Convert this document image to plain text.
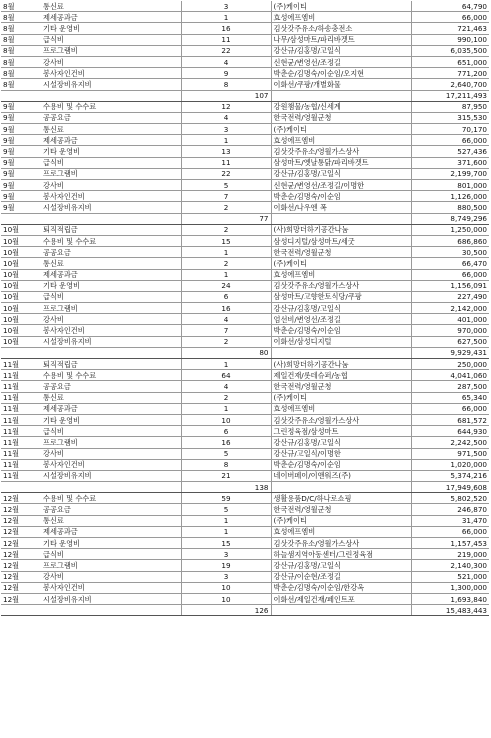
8월	통신료	3	(주)케이티	64,790
8월	제세공과금	1	효성에프엠비	66,000
8월	기타 운영비	16	김삿갓주유소/하송충전소	721,463
8월	급식비	11	나무/삼성마트/파리바겟트	990,100
8월	프로그램비	22	강산규/김홍명/고일식	6,035,500
8월	강사비	4	신현균/변영선/조정길	651,000
8월	봉사자인건비	9	박춘순/김명숙/이순임/오지현	771,200
8월	시설장비유지비	8	이화선/쿠팡/개별화물	2,640,700
		107		17,211,493
9월	수용비 및 수수료	12	강원챔물/농협/신세계	87,950
9월	공공요금	4	한국전력/영월군청	315,530
9월	통신료	3	(주)케이티	70,170
9월	제세공과금	1	효성에프엠비	66,000
9월	기타 운영비	13	김삿갓주유소/영월가스상사	527,436
9월	급식비	11	삼성마트/옛날통닭/파리바겟트	371,600
9월	프로그램비	22	강산규/김홍명/고일식	2,199,700
9월	강사비	5	신현균/변영선/조정길/이명한	801,000
9월	봉사자인건비	7	박춘순/김명숙/이순임	1,126,000
9월	시설장비유지비	2	이화선/나우엔 폭	880,500
		77		8,749,296
10월	퇴직적립금	2	(사)희망더하기공간나눔	1,250,000
10월	수용비 및 수수료	15	삼성디지털/삼성마트/세굿	686,860
10월	공공요금	1	한국전력/영월군청	30,500
10월	통신료	2	(주)케이티	66,470
10월	제세공과금	1	효성에프엠비	66,000
10월	기타 운영비	24	김삿갓주유소/영월가스상사	1,156,091
10월	급식비	6	삼성마트/고향한토식당/쿠팡	227,490
10월	프로그램비	16	강산규/김홍명/고일식	2,142,000
10월	강사비	4	엄선비/변영선/조정길	401,000
10월	봉사자인건비	7	박춘순/김명숙/이순임	970,000
10월	시설장비유지비	2	이화선/삼성디지털	627,500
		80		9,929,431
11월	퇴직적립금	1	(사)희망더하기공간나눔	250,000
11월	수용비 및 수수료	64	제일건재/롯데슈퍼/농협	4,041,060
11월	공공요금	4	한국전력/영월군청	287,500
11월	통신료	2	(주)케이티	65,340
11월	제세공과금	1	효성에프엠비	66,000
11월	기타 운영비	10	김삿갓주유소/영월가스상사	681,572
11월	급식비	6	그린정육점/삼성마트	644,930
11월	프로그램비	16	강산규/김홍명/고일식	2,242,500
11월	강사비	5	강산규/고일식/이명한	971,500
11월	봉사자인건비	8	박춘순/김명숙/이순임	1,020,000
11월	시설장비유지비	21	네이버페이/이앤워즈(주)	5,374,216
		138		17,949,608
12월	수용비 및 수수료	59	생활용품D/C/하나로쇼핑	5,802,520
12월	공공요금	5	한국전력/영월군청	246,870
12월	통신료	1	(주)케이티	31,470
12월	제세공과금	1	효성에프엠비	66,000
12월	기타 운영비	15	김삿갓주유소/영월가스상사	1,157,453
12월	급식비	3	하늘샘지역아동센터/그린정육점	219,000
12월	프로그램비	19	강산규/김홍명/고일식	2,140,300
12월	강사비	3	강산규/이순현/조정길	521,000
12월	봉사자인건비	10	박춘순/김명숙/이순임/한강옥	1,300,000
12월	시설장비유지비	10	이화선/제일건재/페인트포	1,693,840
		126		15,483,443
